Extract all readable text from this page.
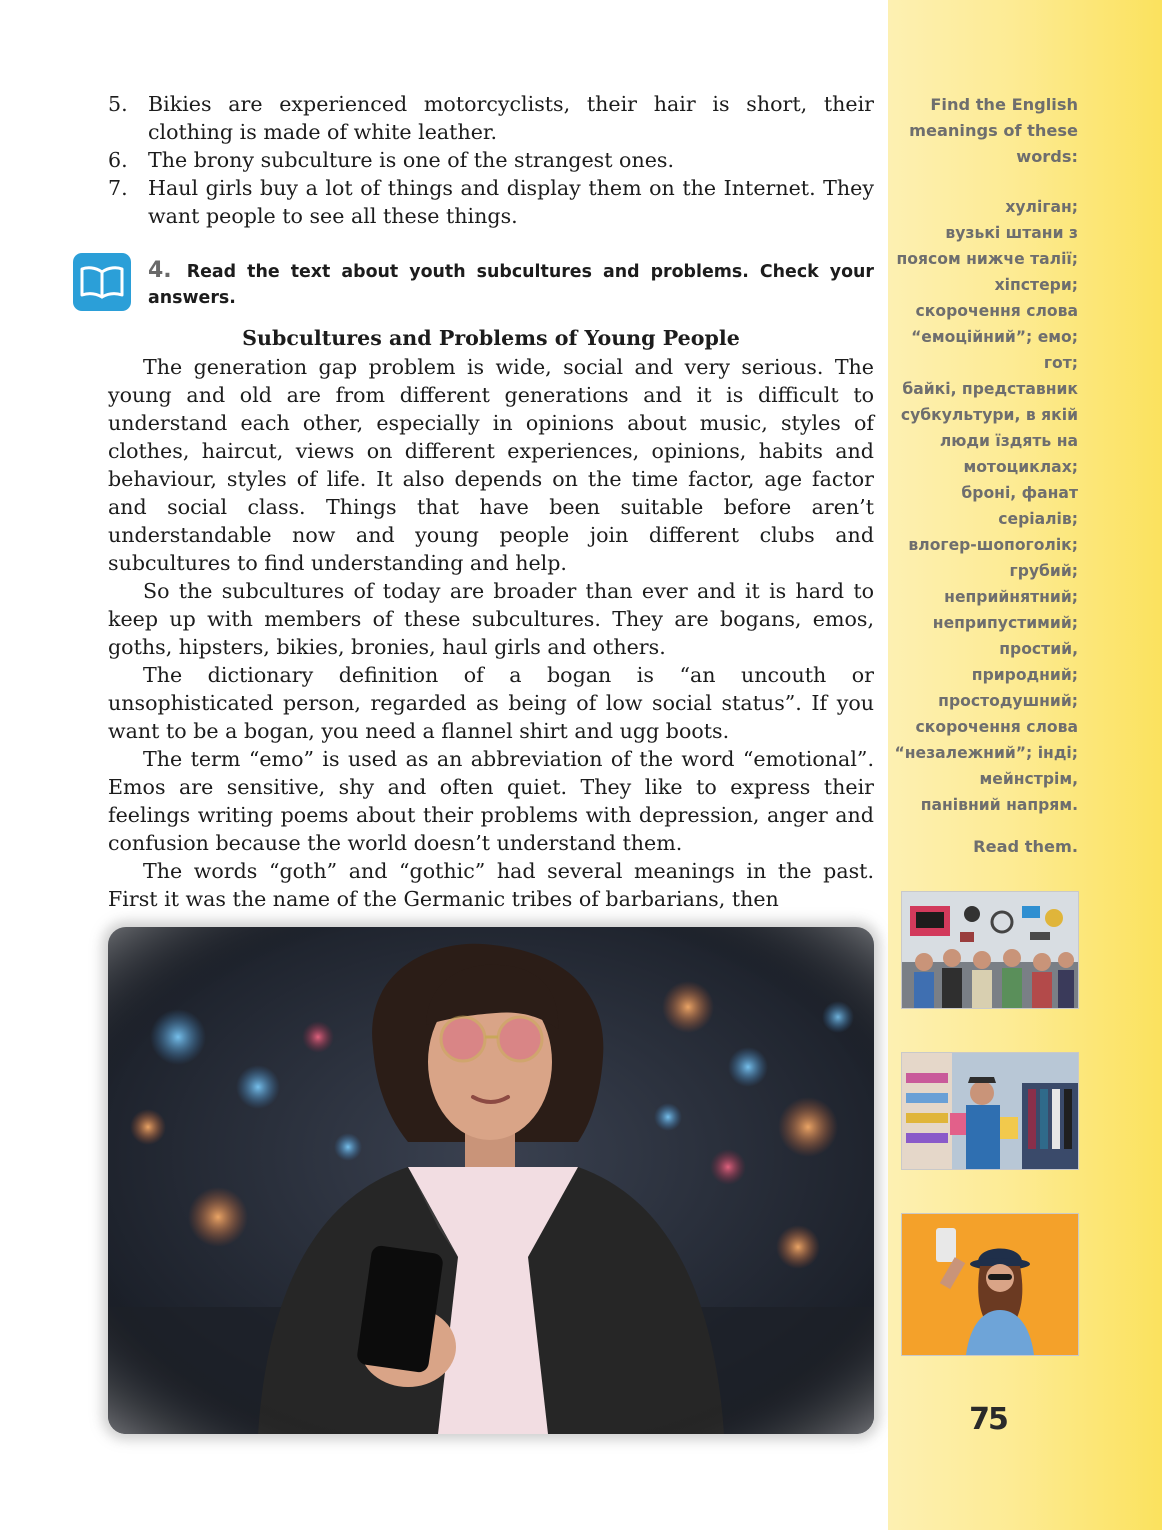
5. Bikies are experienced motorcyclists, their hair is short, their clothing is made of white leather.
6. The brony subculture is one of the strangest ones.
7. Haul girls buy a lot of things and display them on the Internet. They want people to see all these things.
4. Read the text about youth subcultures and problems. Check your answers.
Subcultures and Problems of Young People

The generation gap problem is wide, social and very serious. The young and old are from different generations and it is difficult to understand each other, especially in opinions about music, styles of clothes, haircut, views on different experiences, opinions, habits and behaviour, styles of life. It also depends on the time factor, age factor and social class. Things that have been suitable before aren’t understandable now and young people join different clubs and subcultures to find understanding and help.

So the subcultures of today are broader than ever and it is hard to keep up with members of these subcultures. They are bogans, emos, goths, hipsters, bikies, bronies, haul girls and others.

The dictionary definition of a bogan is “an uncouth or unsophisticated person, regarded as being of low social status”. If you want to be a bogan, you need a flannel shirt and ugg boots.

The term “emo” is used as an abbreviation of the word “emotional”. Emos are sensitive, shy and often quiet. They like to express their feelings writing poems about their problems with depression, anger and confusion because the world doesn’t understand them.

The words “goth” and “gothic” had several meanings in the past. First it was the name of the Germanic tribes of barbarians, then

Find the English
meanings of these
words:
хуліган;
вузькі штани з
поясом нижче талії;
хіпстери;
скорочення слова
“емоційний”; емо;
гот;
байкі, представник
субкультури, в якій
люди їздять на
мотоциклах;
броні, фанат
серіалів;
влогер-шопоголік;
грубий;
неприйнятний;
неприпустимий;
простий,
природний;
простодушний;
скорочення слова
“незалежний”; інді;
мейнстрім,
панівний напрям.
Read them.
75
